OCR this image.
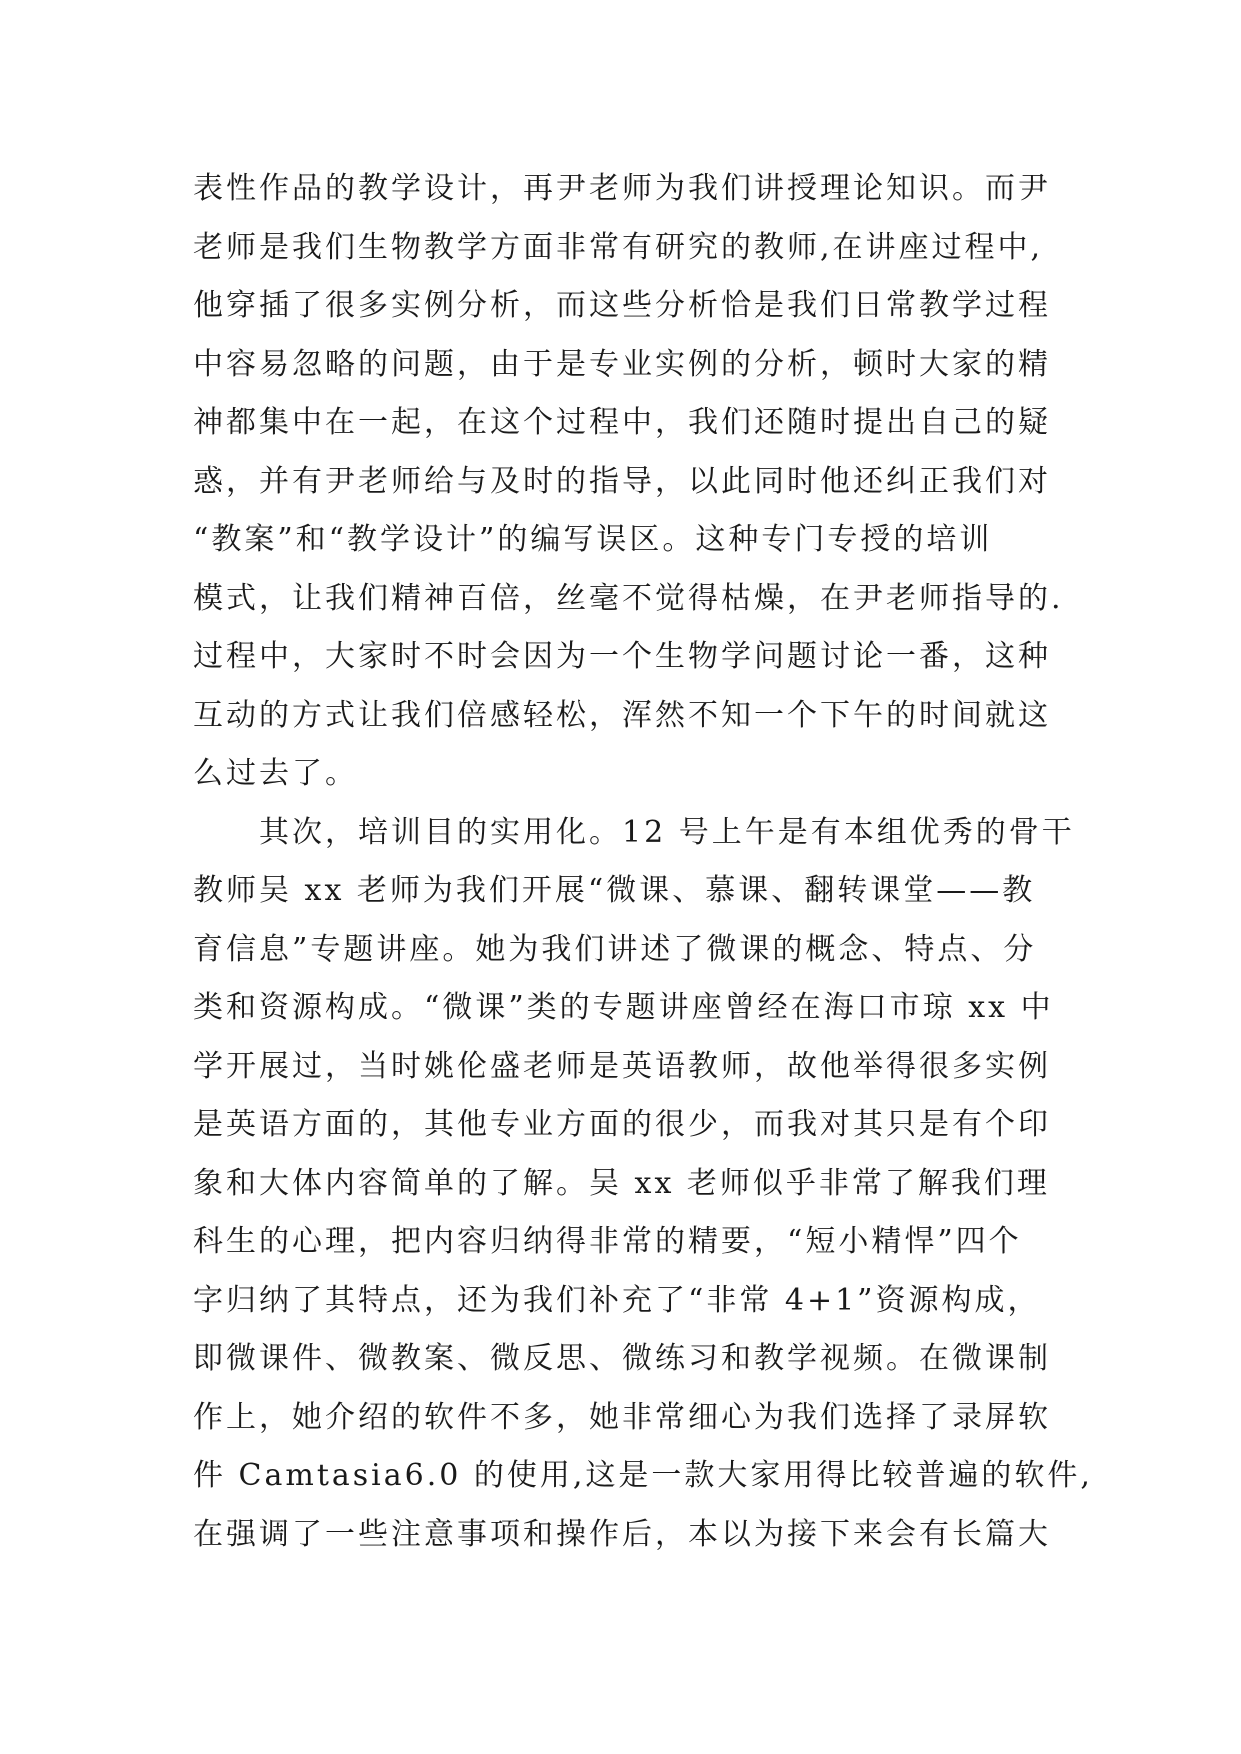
表性作品的教学设计，再尹老师为我们讲授理论知识。而尹
老师是我们生物教学方面非常有研究的教师,在讲座过程中,
他穿插了很多实例分析，而这些分析恰是我们日常教学过程
中容易忽略的问题，由于是专业实例的分析，顿时大家的精
神都集中在一起，在这个过程中，我们还随时提出自己的疑
惑，并有尹老师给与及时的指导，以此同时他还纠正我们对
“教案”和“教学设计”的编写误区。这种专门专授的培训
模式，让我们精神百倍，丝毫不觉得枯燥，在尹老师指导的.
过程中，大家时不时会因为一个生物学问题讨论一番，这种
互动的方式让我们倍感轻松，浑然不知一个下午的时间就这
么过去了。
　　其次，培训目的实用化。12 号上午是有本组优秀的骨干
教师吴 xx 老师为我们开展“微课、慕课、翻转课堂——教
育信息”专题讲座。她为我们讲述了微课的概念、特点、分
类和资源构成。“微课”类的专题讲座曾经在海口市琼 xx 中
学开展过，当时姚伦盛老师是英语教师，故他举得很多实例
是英语方面的，其他专业方面的很少，而我对其只是有个印
象和大体内容简单的了解。吴 xx 老师似乎非常了解我们理
科生的心理，把内容归纳得非常的精要，“短小精悍”四个
字归纳了其特点，还为我们补充了“非常 4+1”资源构成，
即微课件、微教案、微反思、微练习和教学视频。在微课制
作上，她介绍的软件不多，她非常细心为我们选择了录屏软
件 Camtasia6.0 的使用,这是一款大家用得比较普遍的软件,
在强调了一些注意事项和操作后，本以为接下来会有长篇大
